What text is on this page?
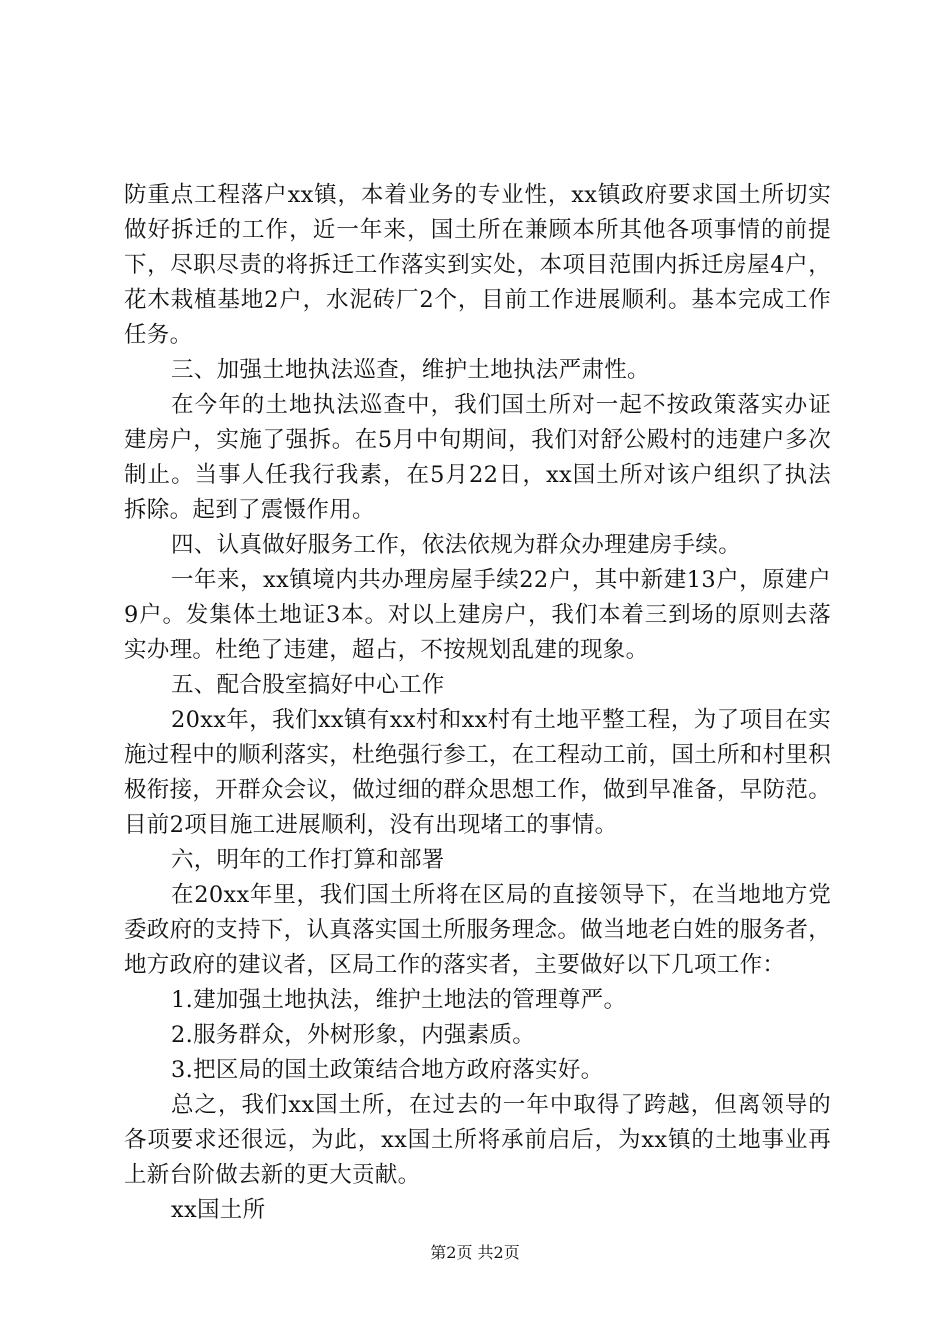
防重点工程落户xx镇，本着业务的专业性，xx镇政府要求国土所切实做好拆迁的工作，近一年来，国土所在兼顾本所其他各项事情的前提下，尽职尽责的将拆迁工作落实到实处，本项目范围内拆迁房屋4户，花木栽植基地2户，水泥砖厂2个，目前工作进展顺利。基本完成工作任务。

三、加强土地执法巡查，维护土地执法严肃性。

在今年的土地执法巡查中，我们国土所对一起不按政策落实办证建房户，实施了强拆。在5月中旬期间，我们对舒公殿村的违建户多次制止。当事人任我行我素，在5月22日，xx国土所对该户组织了执法拆除。起到了震慑作用。

四、认真做好服务工作，依法依规为群众办理建房手续。

一年来，xx镇境内共办理房屋手续22户，其中新建13户，原建户9户。发集体土地证3本。对以上建房户，我们本着三到场的原则去落实办理。杜绝了违建，超占，不按规划乱建的现象。

五、配合股室搞好中心工作

20xx年，我们xx镇有xx村和xx村有土地平整工程，为了项目在实施过程中的顺利落实，杜绝强行参工，在工程动工前，国土所和村里积极衔接，开群众会议，做过细的群众思想工作，做到早准备，早防范。目前2项目施工进展顺利，没有出现堵工的事情。

六，明年的工作打算和部署

在20xx年里，我们国土所将在区局的直接领导下，在当地地方党委政府的支持下，认真落实国土所服务理念。做当地老白姓的服务者，地方政府的建议者，区局工作的落实者，主要做好以下几项工作：

1.建加强土地执法，维护土地法的管理尊严。

2.服务群众，外树形象，内强素质。

3.把区局的国土政策结合地方政府落实好。

总之，我们xx国土所，在过去的一年中取得了跨越，但离领导的各项要求还很远，为此，xx国土所将承前启后，为xx镇的土地事业再上新台阶做去新的更大贡献。

xx国土所

第2页 共2页
